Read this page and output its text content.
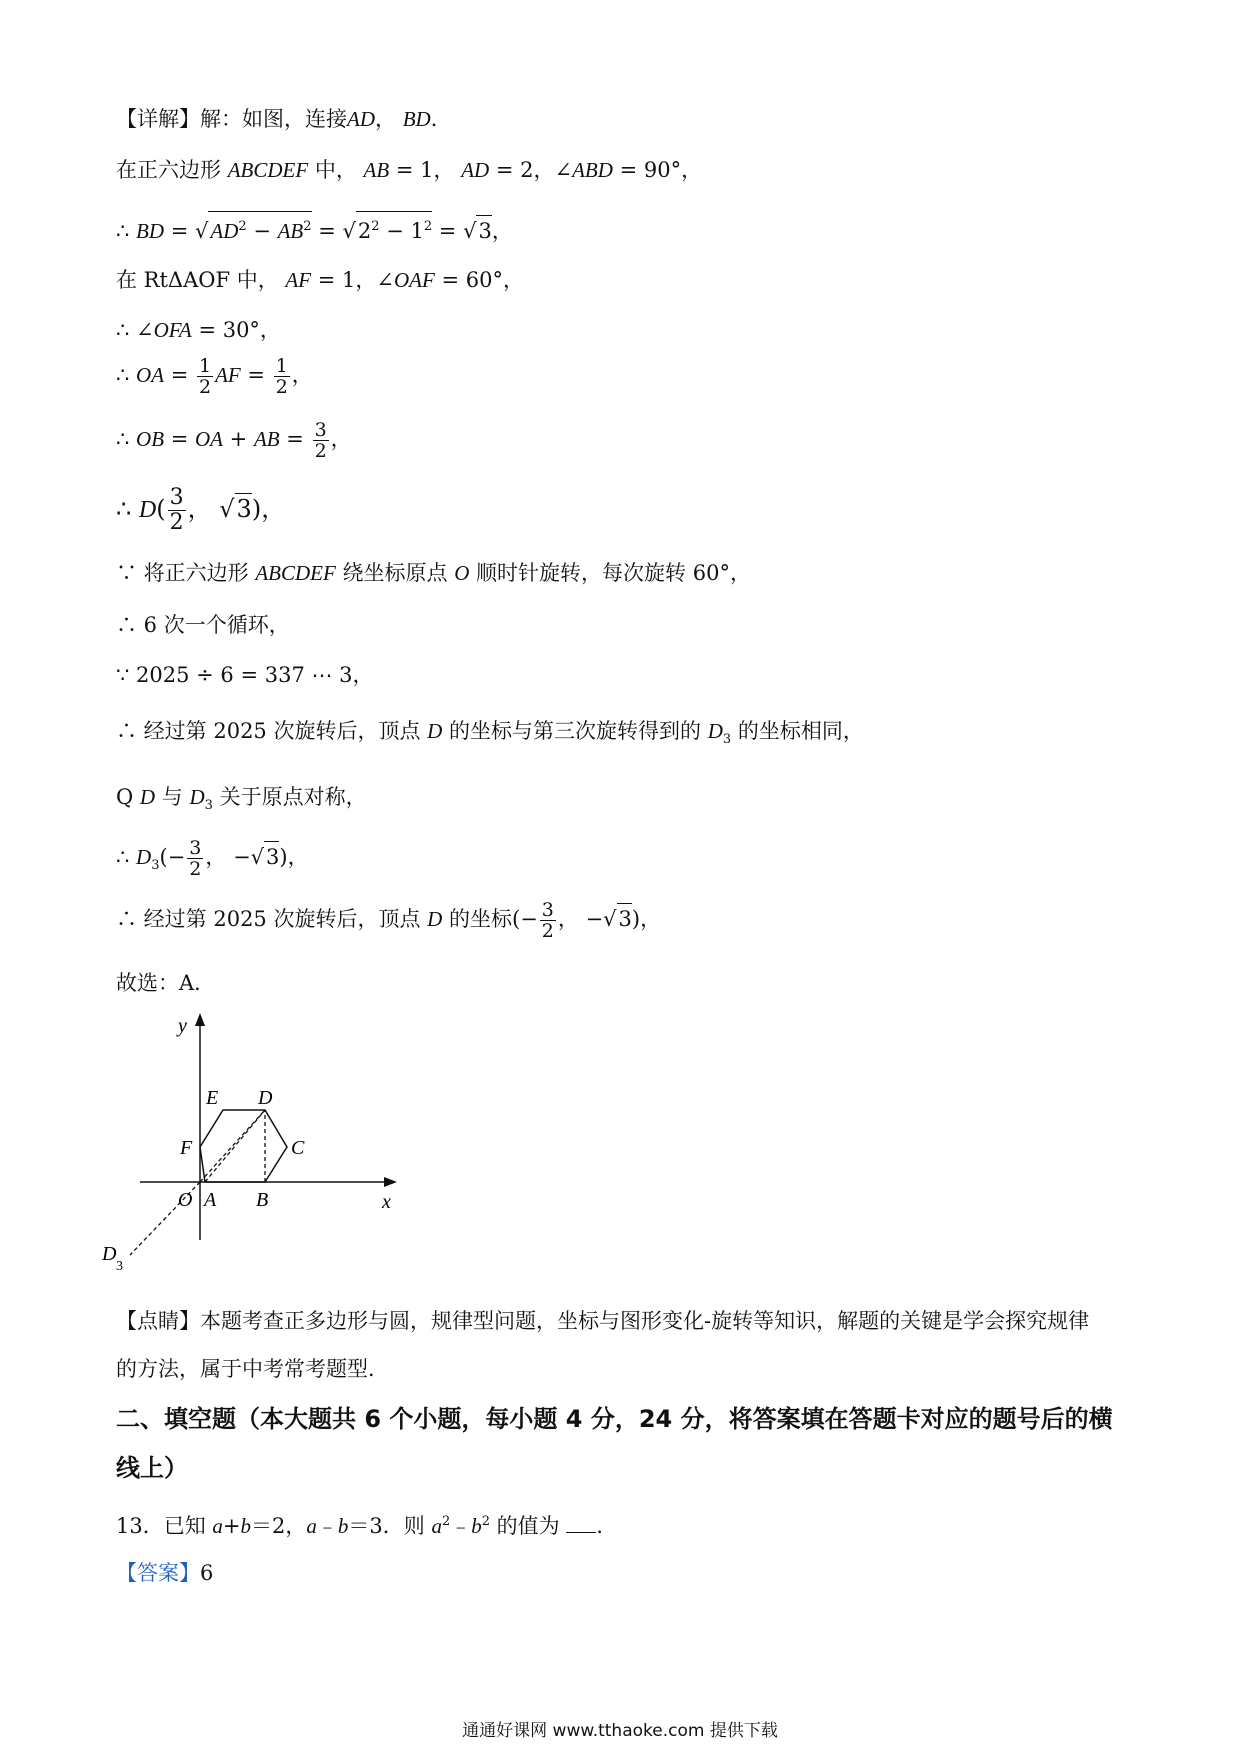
【详解】解：如图，连接AD， BD．
在正六边形 ABCDEF 中， AB = 1， AD = 2，∠ABD = 90°，
∴ BD = $√AD^2 - AB^2 = √2^2 - 1^2 = √3$，
在 RtΔAOF 中， AF = 1，∠OAF = 60°，
∴ ∠OFA = 30°，
∴ OA = $\frac{1}{2}$ AF = $\frac{1}{2}$ ，
∴ OB = OA + AB = $\frac{3}{2}$ ，
∴ $D( \frac{3}{2}$ ， √3)，
∵ 将正六边形 ABCDEF 绕坐标原点 O 顺时针旋转，每次旋转 60°，
∴ 6 次一个循环，
∵ 2025 ÷ 6 = 337 ⋯ 3，
∴ 经过第 2025 次旋转后，顶点 D 的坐标与第三次旋转得到的 $D_3$ 的坐标相同，
Q D 与 $D_3$ 关于原点对称，
∴ $D_3(- \frac{3}{2}$ ， −√3)，
∴ 经过第 2025 次旋转后，顶点 D 的坐标(− $\frac{3}{2}$ ， −√3)，
故选：A．
y
x
O A B
C
D
E
F
D
3
【点睛】本题考查正多边形与圆，规律型问题，坐标与图形变化-旋转等知识，解题的关键是学会探究规律
的方法，属于中考常考题型．
二、填空题（本大题共 6 个小题，每小题 4 分，24 分，将答案填在答题卡对应的题号后的横
线上）
13．已知 a+b＝2，a﹣b＝3．则 $a^2﹣b^2$ 的值为 ．
【答案】6
通通好课网 www.tthaoke.com 提供下载
